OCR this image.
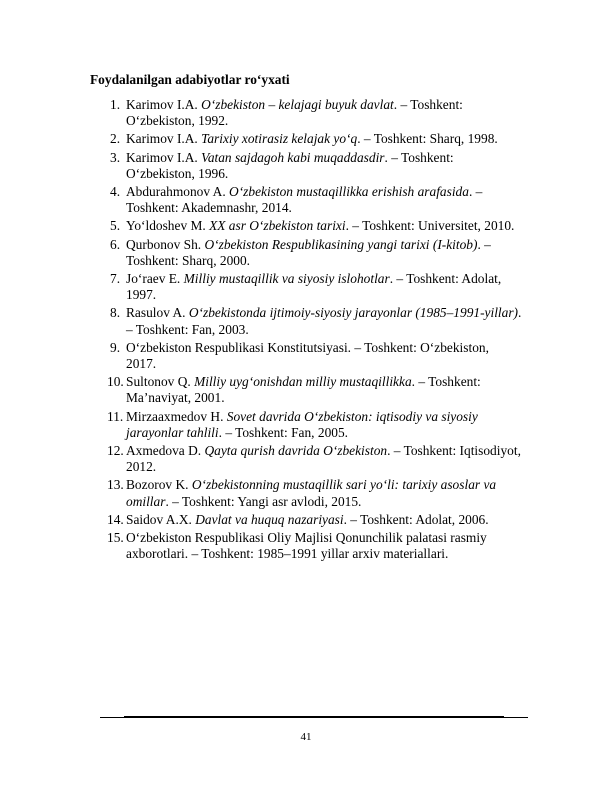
Foydalanilgan adabiyotlar ro‘yxati
1. Karimov I.A. O‘zbekiston – kelajagi buyuk davlat. – Toshkent: O‘zbekiston, 1992.
2. Karimov I.A. Tarixiy xotirasiz kelajak yo‘q. – Toshkent: Sharq, 1998.
3. Karimov I.A. Vatan sajdagoh kabi muqaddasdir. – Toshkent: O‘zbekiston, 1996.
4. Abdurahmonov A. O‘zbekiston mustaqillikka erishish arafasida. – Toshkent: Akademnashr, 2014.
5. Yo‘ldoshev M. XX asr O‘zbekiston tarixi. – Toshkent: Universitet, 2010.
6. Qurbonov Sh. O‘zbekiston Respublikasining yangi tarixi (I-kitob). – Toshkent: Sharq, 2000.
7. Jo‘raev E. Milliy mustaqillik va siyosiy islohotlar. – Toshkent: Adolat, 1997.
8. Rasulov A. O‘zbekistonda ijtimoiy-siyosiy jarayonlar (1985–1991-yillar). – Toshkent: Fan, 2003.
9. O‘zbekiston Respublikasi Konstitutsiyasi. – Toshkent: O‘zbekiston, 2017.
10. Sultonov Q. Milliy uyg‘onishdan milliy mustaqillikka. – Toshkent: Ma’naviyat, 2001.
11. Mirzaaxmedov H. Sovet davrida O‘zbekiston: iqtisodiy va siyosiy jarayonlar tahlili. – Toshkent: Fan, 2005.
12. Axmedova D. Qayta qurish davrida O‘zbekiston. – Toshkent: Iqtisodiyot, 2012.
13. Bozorov K. O‘zbekistonning mustaqillik sari yo‘li: tarixiy asoslar va omillar. – Toshkent: Yangi asr avlodi, 2015.
14. Saidov A.X. Davlat va huquq nazariyasi. – Toshkent: Adolat, 2006.
15. O‘zbekiston Respublikasi Oliy Majlisi Qonunchilik palatasi rasmiy axborotlari. – Toshkent: 1985–1991 yillar arxiv materiallari.
41
